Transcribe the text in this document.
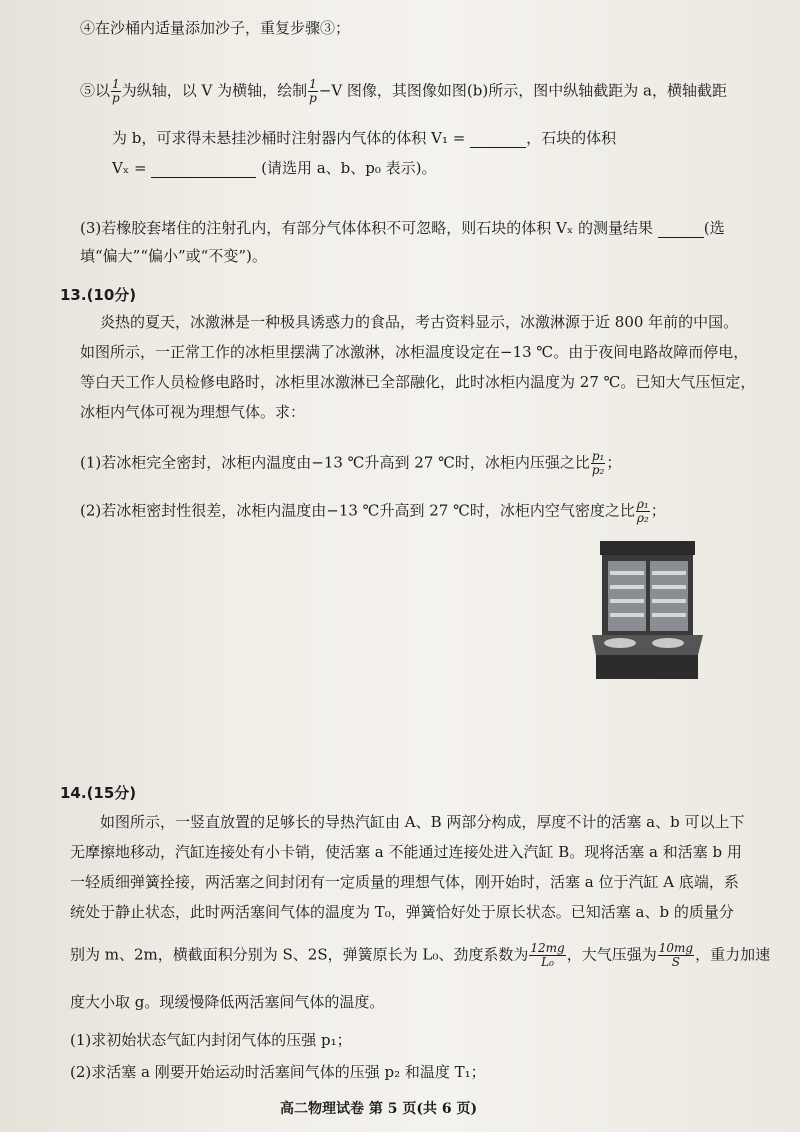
④在沙桶内适量添加沙子，重复步骤③；
⑤以 $\frac{1}{p}$ 为纵轴，以 V 为横轴，绘制 $\frac{1}{p} -V$ 图像，其图像如图(b)所示，图中纵轴截距为 a，横轴截距
为 b，可求得未悬挂沙桶时注射器内气体的体积 V₁ =	，石块的体积
Vₓ =	(请选用 a、b、p₀ 表示)。
(3)若橡胶套堵住的注射孔内，有部分气体体积不可忽略，则石块的体积 Vₓ 的测量结果	(选
填“偏大”“偏小”或“不变”)。
13.(10分)
炎热的夏天，冰激淋是一种极具诱惑力的食品，考古资料显示，冰激淋源于近 800 年前的中国。
如图所示，一正常工作的冰柜里摆满了冰激淋，冰柜温度设定在−13 ℃。由于夜间电路故障而停电，
等白天工作人员检修电路时，冰柜里冰激淋已全部融化，此时冰柜内温度为 27 ℃。已知大气压恒定，
冰柜内气体可视为理想气体。求：
(1)若冰柜完全密封，冰柜内温度由−13 ℃升高到 27 ℃时，冰柜内压强之比 $\frac{\text{p₁}}{\text{p₂}}$ ；
(2)若冰柜密封性很差，冰柜内温度由−13 ℃升高到 27 ℃时，冰柜内空气密度之比 $\frac{\text{ρ₁}}{\text{ρ₂}}$ ；
14.(15分)
如图所示，一竖直放置的足够长的导热汽缸由 A、B 两部分构成，厚度不计的活塞 a、b 可以上下
无摩擦地移动，汽缸连接处有小卡销，使活塞 a 不能通过连接处进入汽缸 B。现将活塞 a 和活塞 b 用
一轻质细弹簧拴接，两活塞之间封闭有一定质量的理想气体，刚开始时，活塞 a 位于汽缸 A 底端，系
统处于静止状态，此时两活塞间气体的温度为 T₀，弹簧恰好处于原长状态。已知活塞 a、b 的质量分
别为 m、2m，横截面积分别为 S、2S，弹簧原长为 L₀、劲度系数为 $\frac{12mg}{\text{L₀}}$ ，大气压强为 $\frac{10mg}{S}$ ，重力加速
度大小取 g。现缓慢降低两活塞间气体的温度。
(1)求初始状态气缸内封闭气体的压强 p₁；
(2)求活塞 a 刚要开始运动时活塞间气体的压强 p₂ 和温度 T₁；
高二物理试卷 第 5 页(共 6 页)
